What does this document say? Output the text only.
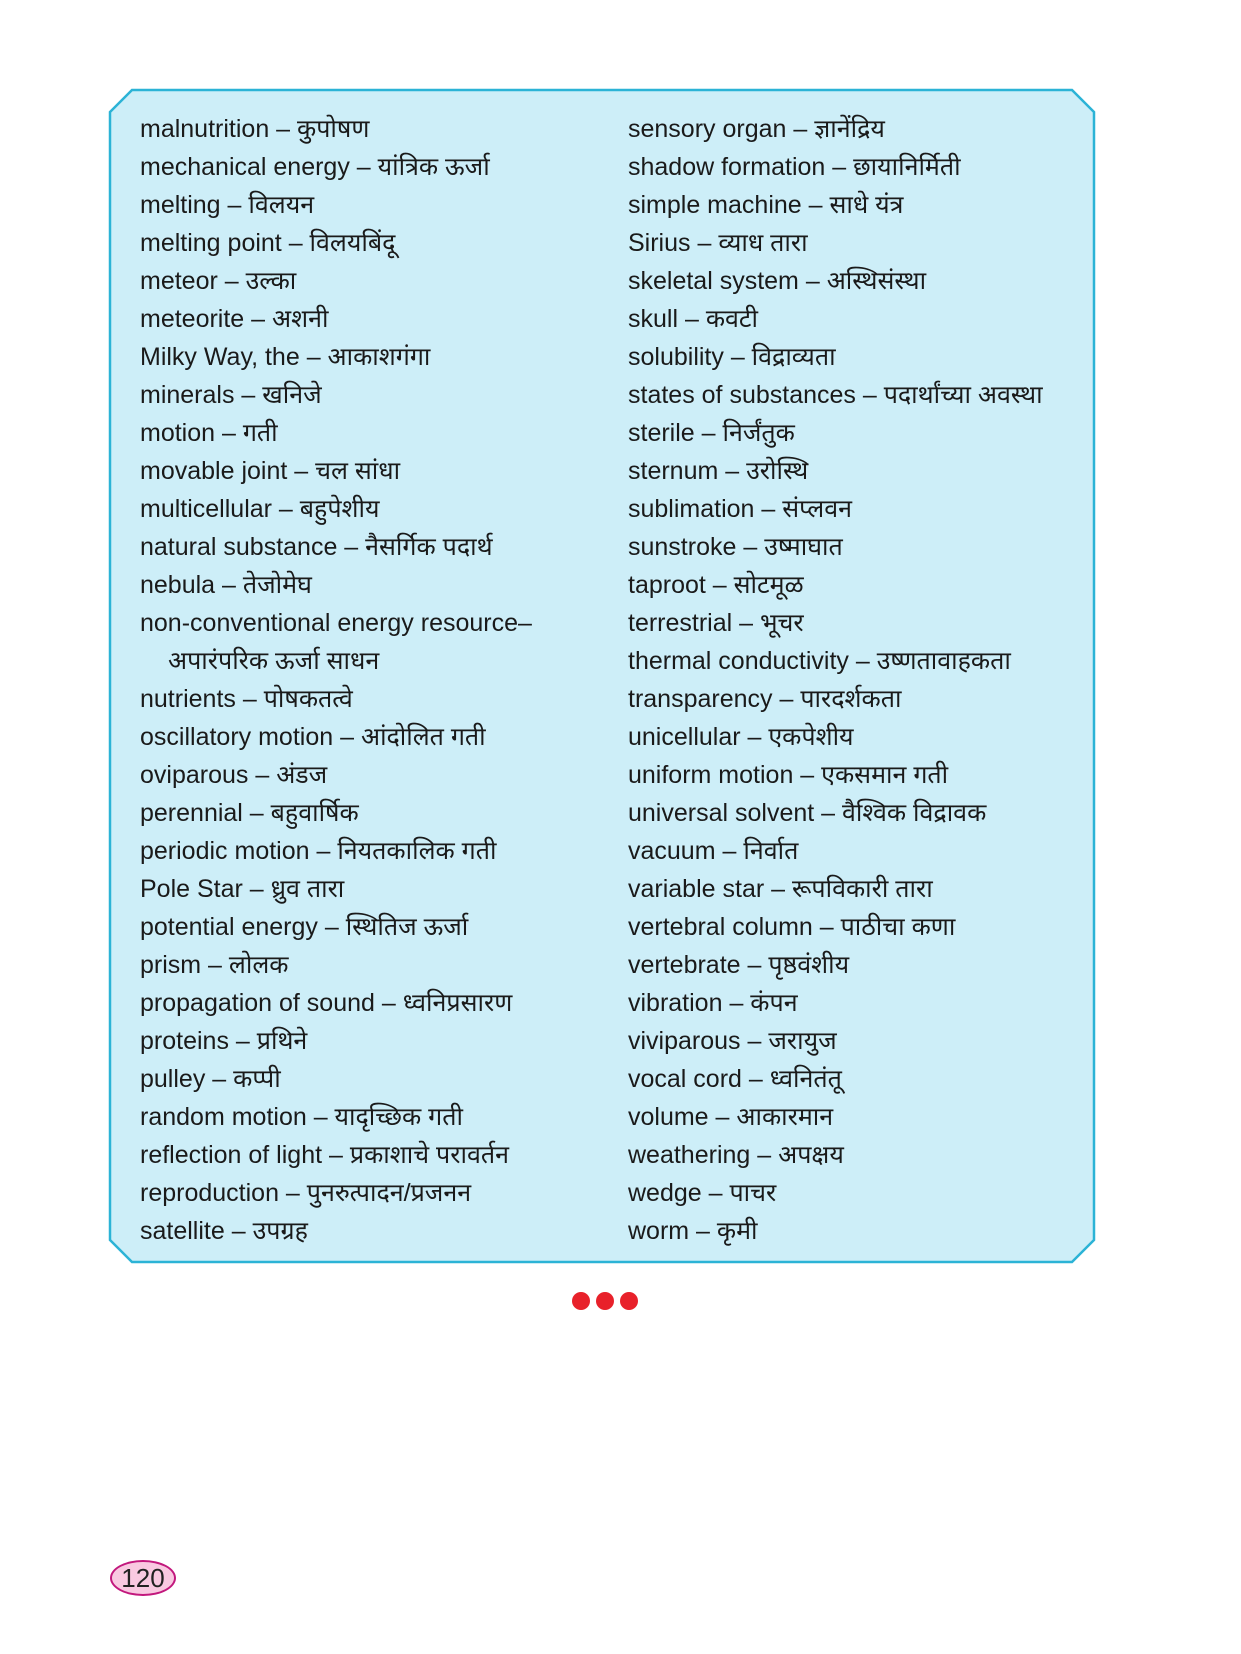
malnutrition – कुपोषण
mechanical energy – यांत्रिक ऊर्जा
melting – विलयन
melting point – विलयबिंदू
meteor – उल्का
meteorite – अशनी
Milky Way, the – आकाशगंगा
minerals – खनिजे
motion – गती
movable joint – चल सांधा
multicellular – बहुपेशीय
natural substance – नैसर्गिक पदार्थ
nebula – तेजोमेघ
non-conventional energy resource–
अपारंपरिक ऊर्जा साधन
nutrients – पोषकतत्वे
oscillatory motion – आंदोलित गती
oviparous – अंडज
perennial – बहुवार्षिक
periodic motion – नियतकालिक गती
Pole Star – ध्रुव तारा
potential energy – स्थितिज ऊर्जा
prism – लोलक
propagation of sound – ध्वनिप्रसारण
proteins – प्रथिने
pulley – कप्पी
random motion – यादृच्छिक गती
reflection of light – प्रकाशाचे परावर्तन
reproduction – पुनरुत्पादन/प्रजनन
satellite – उपग्रह
sensory organ – ज्ञानेंद्रिय
shadow formation – छायानिर्मिती
simple machine – साधे यंत्र
Sirius – व्याध तारा
skeletal system – अस्थिसंस्था
skull – कवटी
solubility – विद्राव्यता
states of substances – पदार्थांच्या अवस्था
sterile – निर्जंतुक
sternum – उरोस्थि
sublimation – संप्लवन
sunstroke – उष्माघात
taproot – सोटमूळ
terrestrial – भूचर
thermal conductivity – उष्णतावाहकता
transparency – पारदर्शकता
unicellular – एकपेशीय
uniform motion – एकसमान गती
universal solvent – वैश्विक विद्रावक
vacuum – निर्वात
variable star – रूपविकारी तारा
vertebral column – पाठीचा कणा
vertebrate – पृष्ठवंशीय
vibration – कंपन
viviparous – जरायुज
vocal cord – ध्वनितंतू
volume – आकारमान
weathering – अपक्षय
wedge – पाचर
worm – कृमी
120
